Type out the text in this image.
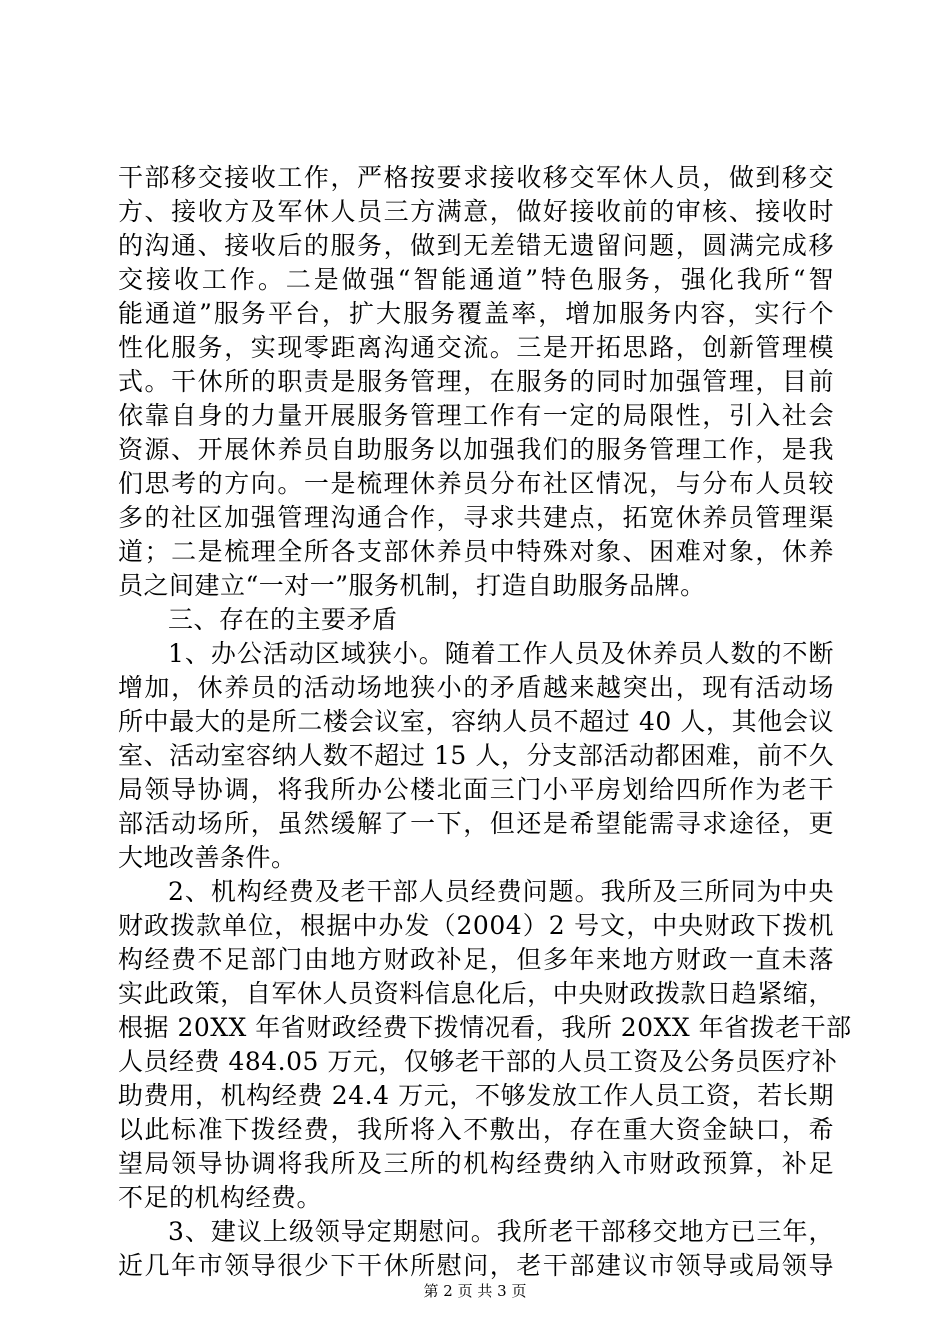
干部移交接收工作，严格按要求接收移交军休人员，做到移交
方、接收方及军休人员三方满意，做好接收前的审核、接收时
的沟通、接收后的服务，做到无差错无遗留问题，圆满完成移
交接收工作。二是做强“智能通道”特色服务，强化我所“智
能通道”服务平台，扩大服务覆盖率，增加服务内容，实行个
性化服务，实现零距离沟通交流。三是开拓思路，创新管理模
式。干休所的职责是服务管理，在服务的同时加强管理，目前
依靠自身的力量开展服务管理工作有一定的局限性，引入社会
资源、开展休养员自助服务以加强我们的服务管理工作，是我
们思考的方向。一是梳理休养员分布社区情况，与分布人员较
多的社区加强管理沟通合作，寻求共建点，拓宽休养员管理渠
道；二是梳理全所各支部休养员中特殊对象、困难对象，休养
员之间建立“一对一”服务机制，打造自助服务品牌。
三、存在的主要矛盾
1、办公活动区域狭小。随着工作人员及休养员人数的不断
增加，休养员的活动场地狭小的矛盾越来越突出，现有活动场
所中最大的是所二楼会议室，容纳人员不超过 40 人，其他会议
室、活动室容纳人数不超过 15 人，分支部活动都困难，前不久
局领导协调，将我所办公楼北面三门小平房划给四所作为老干
部活动场所，虽然缓解了一下，但还是希望能需寻求途径，更
大地改善条件。
2、机构经费及老干部人员经费问题。我所及三所同为中央
财政拨款单位，根据中办发（2004）2 号文，中央财政下拨机
构经费不足部门由地方财政补足，但多年来地方财政一直未落
实此政策，自军休人员资料信息化后，中央财政拨款日趋紧缩，
根据 20XX 年省财政经费下拨情况看，我所 20XX 年省拨老干部
人员经费 484.05 万元，仅够老干部的人员工资及公务员医疗补
助费用，机构经费 24.4 万元，不够发放工作人员工资，若长期
以此标准下拨经费，我所将入不敷出，存在重大资金缺口，希
望局领导协调将我所及三所的机构经费纳入市财政预算，补足
不足的机构经费。
3、建议上级领导定期慰问。我所老干部移交地方已三年，
近几年市领导很少下干休所慰问，老干部建议市领导或局领导
第 2 页 共 3 页
